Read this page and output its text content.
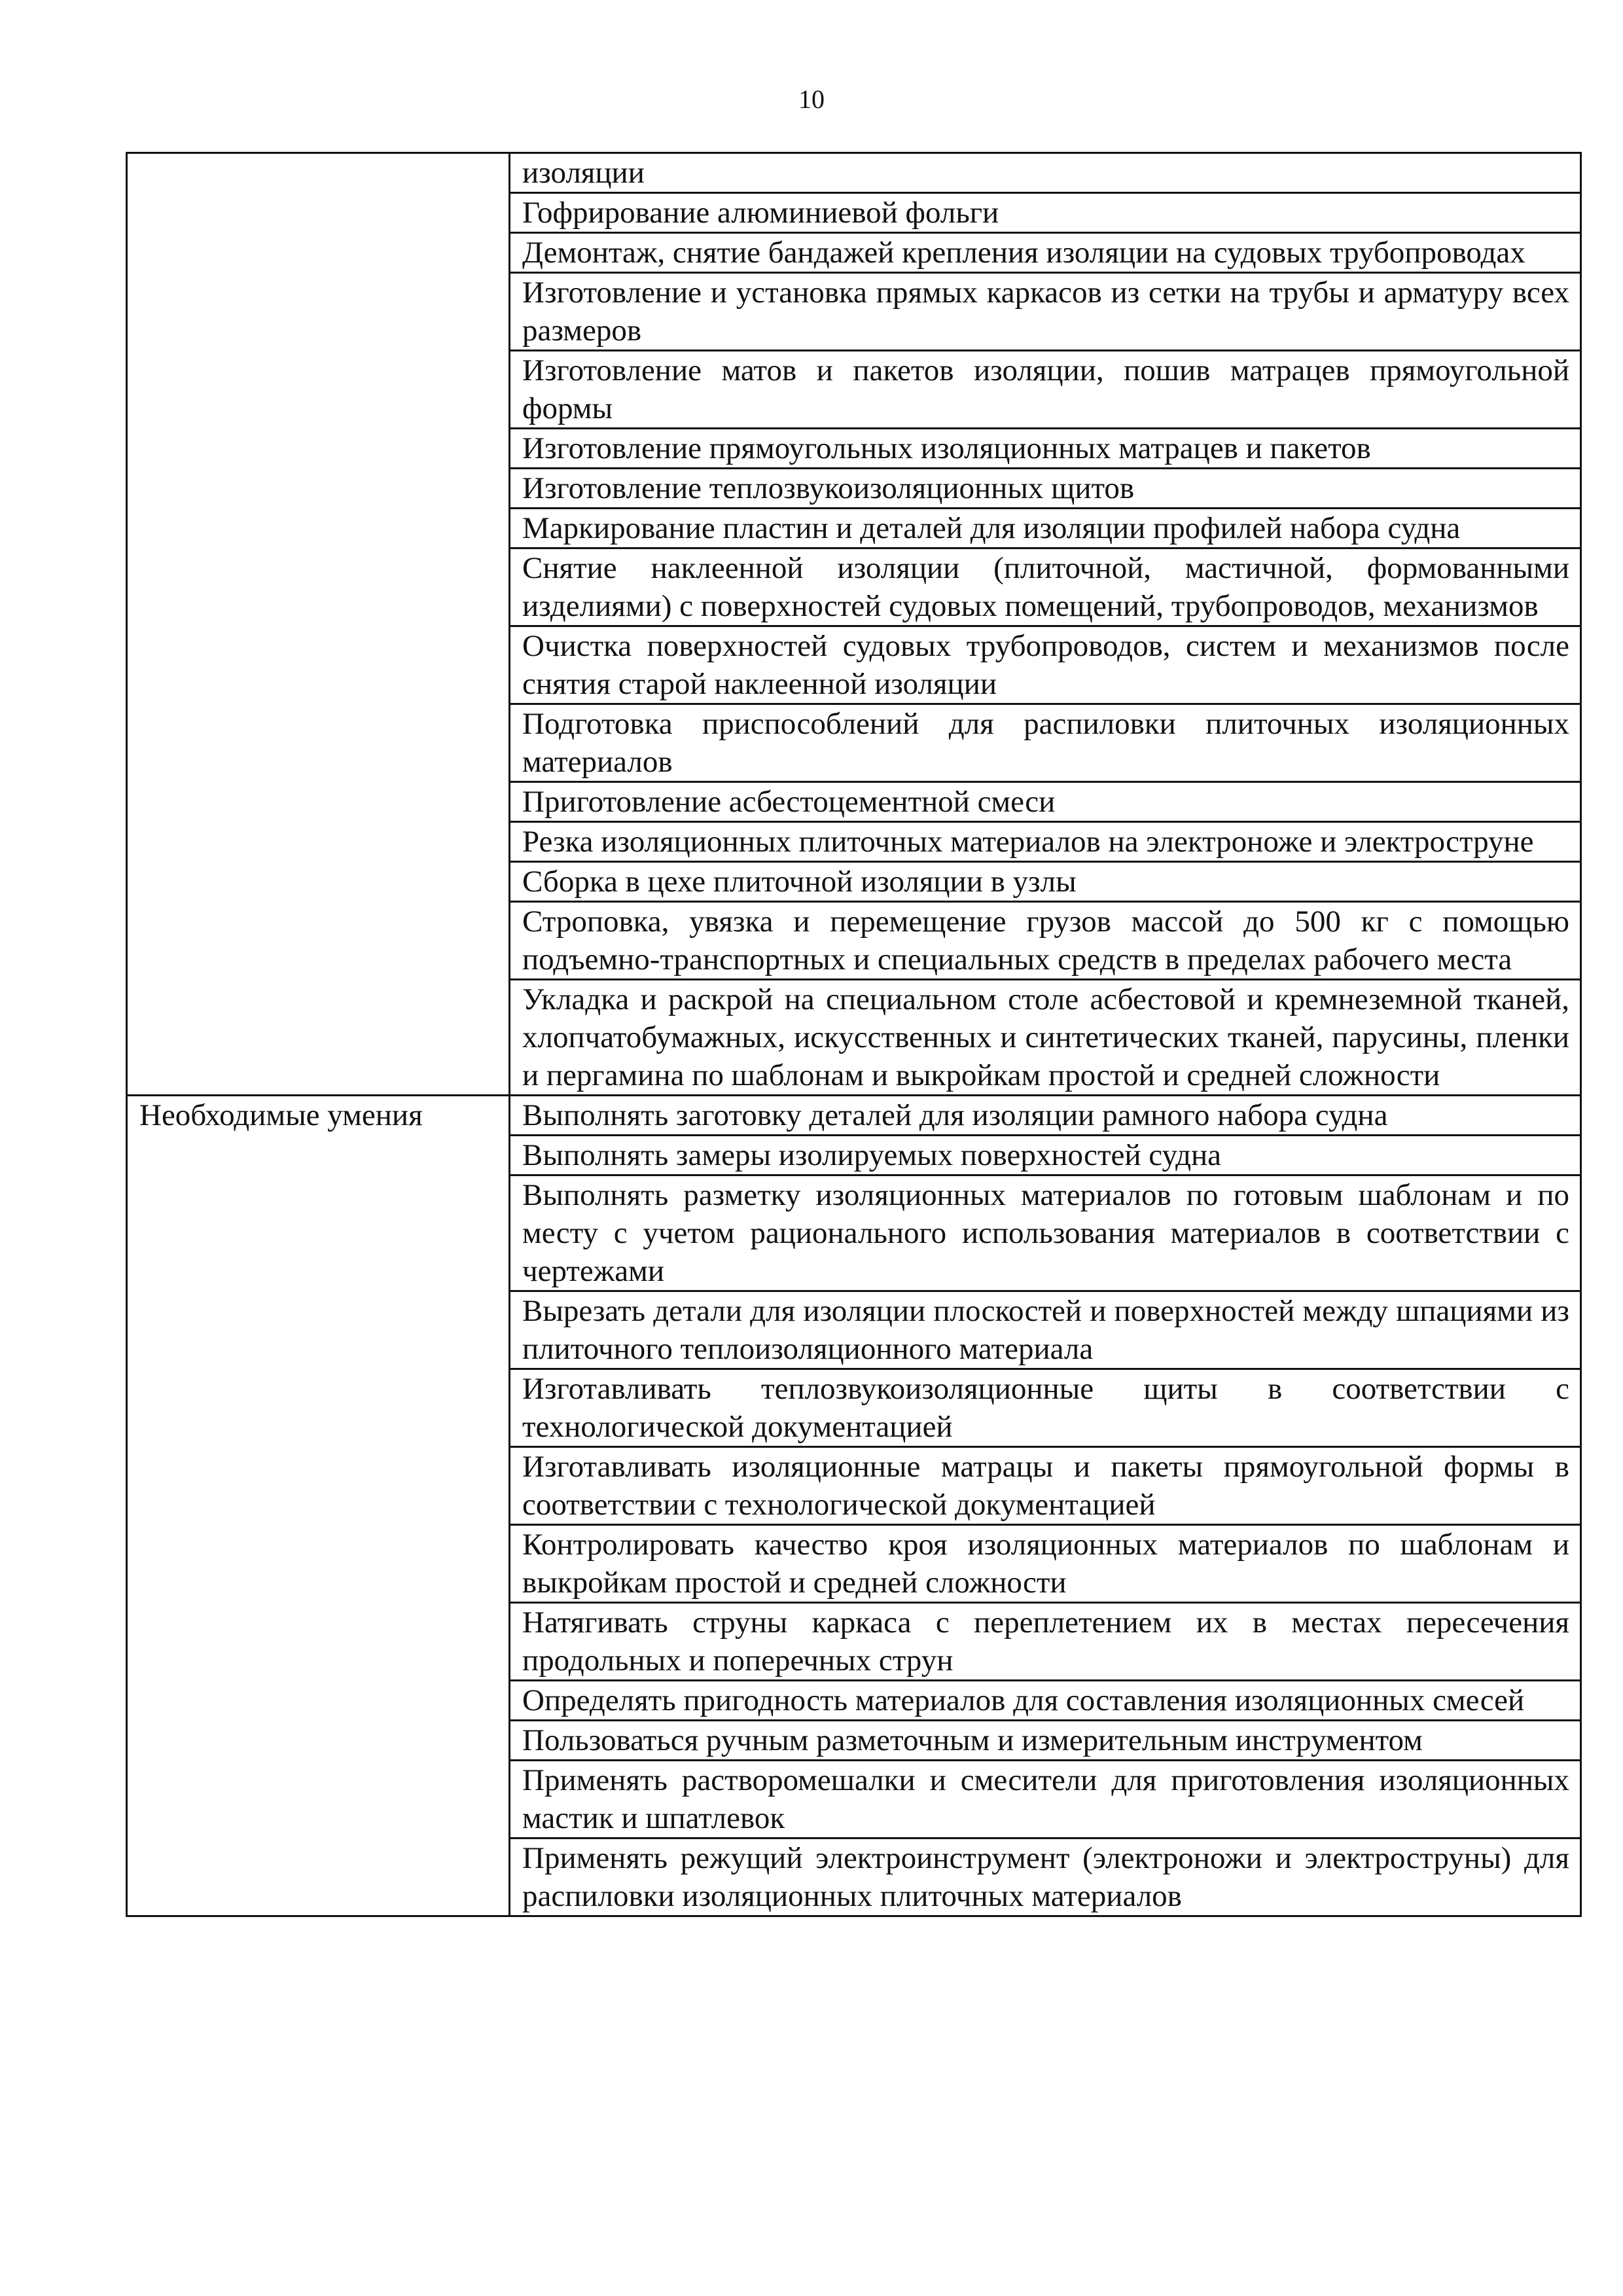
10
	изоляции
	Гофрирование алюминиевой фольги
	Демонтаж, снятие бандажей крепления изоляции на судовых трубопроводах
	Изготовление и установка прямых каркасов из сетки на трубы и арматуру всех размеров
	Изготовление матов и пакетов изоляции, пошив матрацев прямоугольной формы
	Изготовление прямоугольных изоляционных матрацев и пакетов
	Изготовление теплозвукоизоляционных щитов
	Маркирование пластин и деталей для изоляции профилей набора судна
	Снятие наклеенной изоляции (плиточной, мастичной, формованными изделиями) с поверхностей судовых помещений, трубопроводов, механизмов
	Очистка поверхностей судовых трубопроводов, систем и механизмов после снятия старой наклеенной изоляции
	Подготовка приспособлений для распиловки плиточных изоляционных материалов
	Приготовление асбестоцементной смеси
	Резка изоляционных плиточных материалов на электроноже и электроструне
	Сборка в цехе плиточной изоляции в узлы
	Строповка, увязка и перемещение грузов массой до 500 кг с помощью подъемно-транспортных и специальных средств в пределах рабочего места
	Укладка и раскрой на специальном столе асбестовой и кремнеземной тканей, хлопчатобумажных, искусственных и синтетических тканей, парусины, пленки и пергамина по шаблонам и выкройкам простой и средней сложности
Необходимые умения	Выполнять заготовку деталей для изоляции рамного набора судна
	Выполнять замеры изолируемых поверхностей судна
	Выполнять разметку изоляционных материалов по готовым шаблонам и по месту с учетом рационального использования материалов в соответствии с чертежами
	Вырезать детали для изоляции плоскостей и поверхностей между шпациями из плиточного теплоизоляционного материала
	Изготавливать теплозвукоизоляционные щиты в соответствии с технологической документацией
	Изготавливать изоляционные матрацы и пакеты прямоугольной формы в соответствии с технологической документацией
	Контролировать качество кроя изоляционных материалов по шаблонам и выкройкам простой и средней сложности
	Натягивать струны каркаса с переплетением их в местах пересечения продольных и поперечных струн
	Определять пригодность материалов для составления изоляционных смесей
	Пользоваться ручным разметочным и измерительным инструментом
	Применять растворомешалки и смесители для приготовления изоляционных мастик и шпатлевок
	Применять режущий электроинструмент (электроножи и электроструны) для распиловки изоляционных плиточных материалов
